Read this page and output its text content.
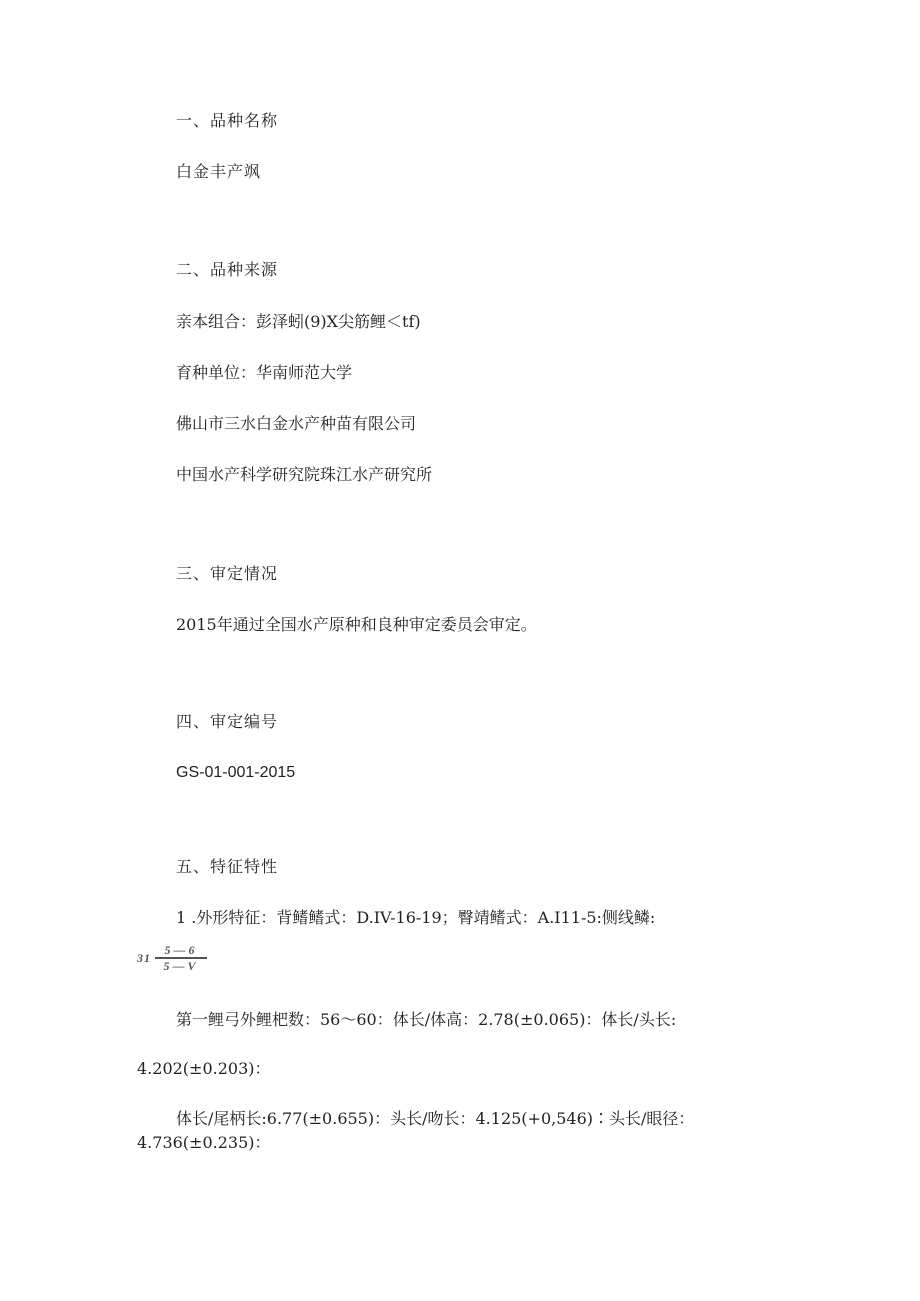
一、品种名称
白金丰产飒
二、品种来源
亲本组合：彭泽蚓(9)X尖筋鲤＜tf)
育种单位：华南师范大学
佛山市三水白金水产种苗有限公司
中国水产科学研究院珠江水产研究所
三、审定情况
2015年通过全国水产原种和良种审定委员会审定。
四、审定编号
GS-01-001-2015
五、特征特性
1 .外形特征：背鳍鳍式：D.IV-16-19；臀靖鳍式：A.I11-5:侧线鳞:
$31 \frac{5—6}{5—V}$
第一鲤弓外鲤杷数：56～60：体长/体高：2.78(±0.065)：体长/头长:
4.202(±0.203)：
体长/尾柄长:6.77(±0.655)：头长/吻长：4.125(+0,546)∶头长/眼径：
4.736(±0.235)：
